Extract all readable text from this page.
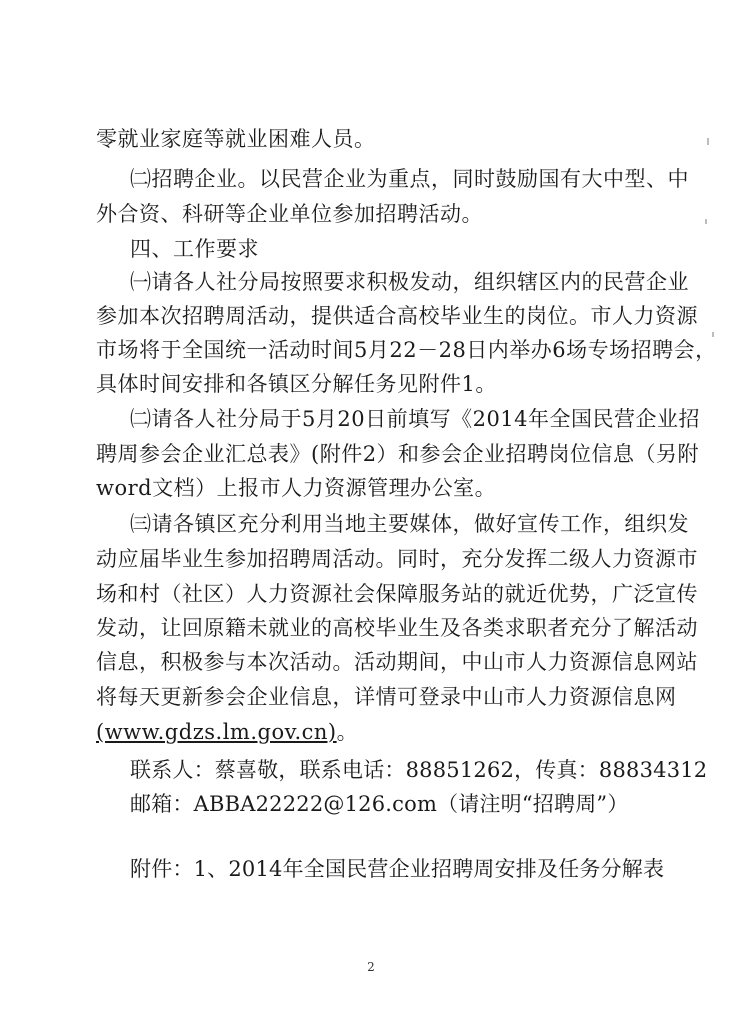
零就业家庭等就业困难人员。
㈡招聘企业。以民营企业为重点，同时鼓励国有大中型、中
外合资、科研等企业单位参加招聘活动。
四、工作要求
㈠请各人社分局按照要求积极发动，组织辖区内的民营企业
参加本次招聘周活动，提供适合高校毕业生的岗位。市人力资源
市场将于全国统一活动时间5月22－28日内举办6场专场招聘会，
具体时间安排和各镇区分解任务见附件1。
㈡请各人社分局于5月20日前填写《2014年全国民营企业招
聘周参会企业汇总表》(附件2）和参会企业招聘岗位信息（另附
word文档）上报市人力资源管理办公室。
㈢请各镇区充分利用当地主要媒体，做好宣传工作，组织发
动应届毕业生参加招聘周活动。同时，充分发挥二级人力资源市
场和村（社区）人力资源社会保障服务站的就近优势，广泛宣传
发动，让回原籍未就业的高校毕业生及各类求职者充分了解活动
信息，积极参与本次活动。活动期间，中山市人力资源信息网站
将每天更新参会企业信息，详情可登录中山市人力资源信息网
(www.gdzs.lm.gov.cn)。
联系人：蔡喜敬，联系电话：88851262，传真：88834312
邮箱：ABBA22222@126.com（请注明“招聘周”）
附件：1、2014年全国民营企业招聘周安排及任务分解表
2
